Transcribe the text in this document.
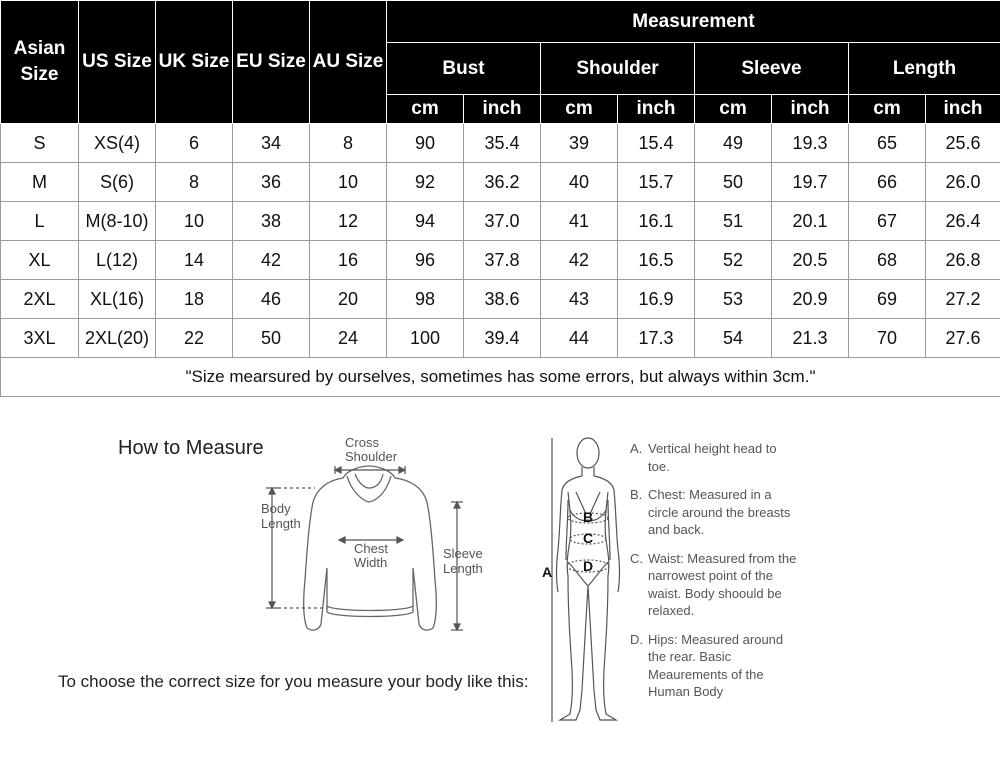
Asian Size	US Size	UK Size	EU Size	AU Size	Measurement							
					Bust		Shoulder		Sleeve		Length	
					cm	inch	cm	inch	cm	inch	cm	inch
S	XS(4)	6	34	8	90	35.4	39	15.4	49	19.3	65	25.6
M	S(6)	8	36	10	92	36.2	40	15.7	50	19.7	66	26.0
L	M(8-10)	10	38	12	94	37.0	41	16.1	51	20.1	67	26.4
XL	L(12)	14	42	16	96	37.8	42	16.5	52	20.5	68	26.8
2XL	XL(16)	18	46	20	98	38.6	43	16.9	53	20.9	69	27.2
3XL	2XL(20)	22	50	24	100	39.4	44	17.3	54	21.3	70	27.6
"Size mearsured by ourselves, sometimes has some errors, but always within 3cm."												
How to Measure	Cross
Shoulder
Body
Length
Chest
Width
Sleeve
Length
To choose the correct size for you measure your body like this:
B
C
D
A
A. Vertical height head to toe.
B. Chest: Measured in a circle around the breasts and back.
C. Waist: Measured from the narrowest point of the waist. Body shoould be relaxed.
D. Hips: Measured around the rear. Basic Meaurements of the Human Body
